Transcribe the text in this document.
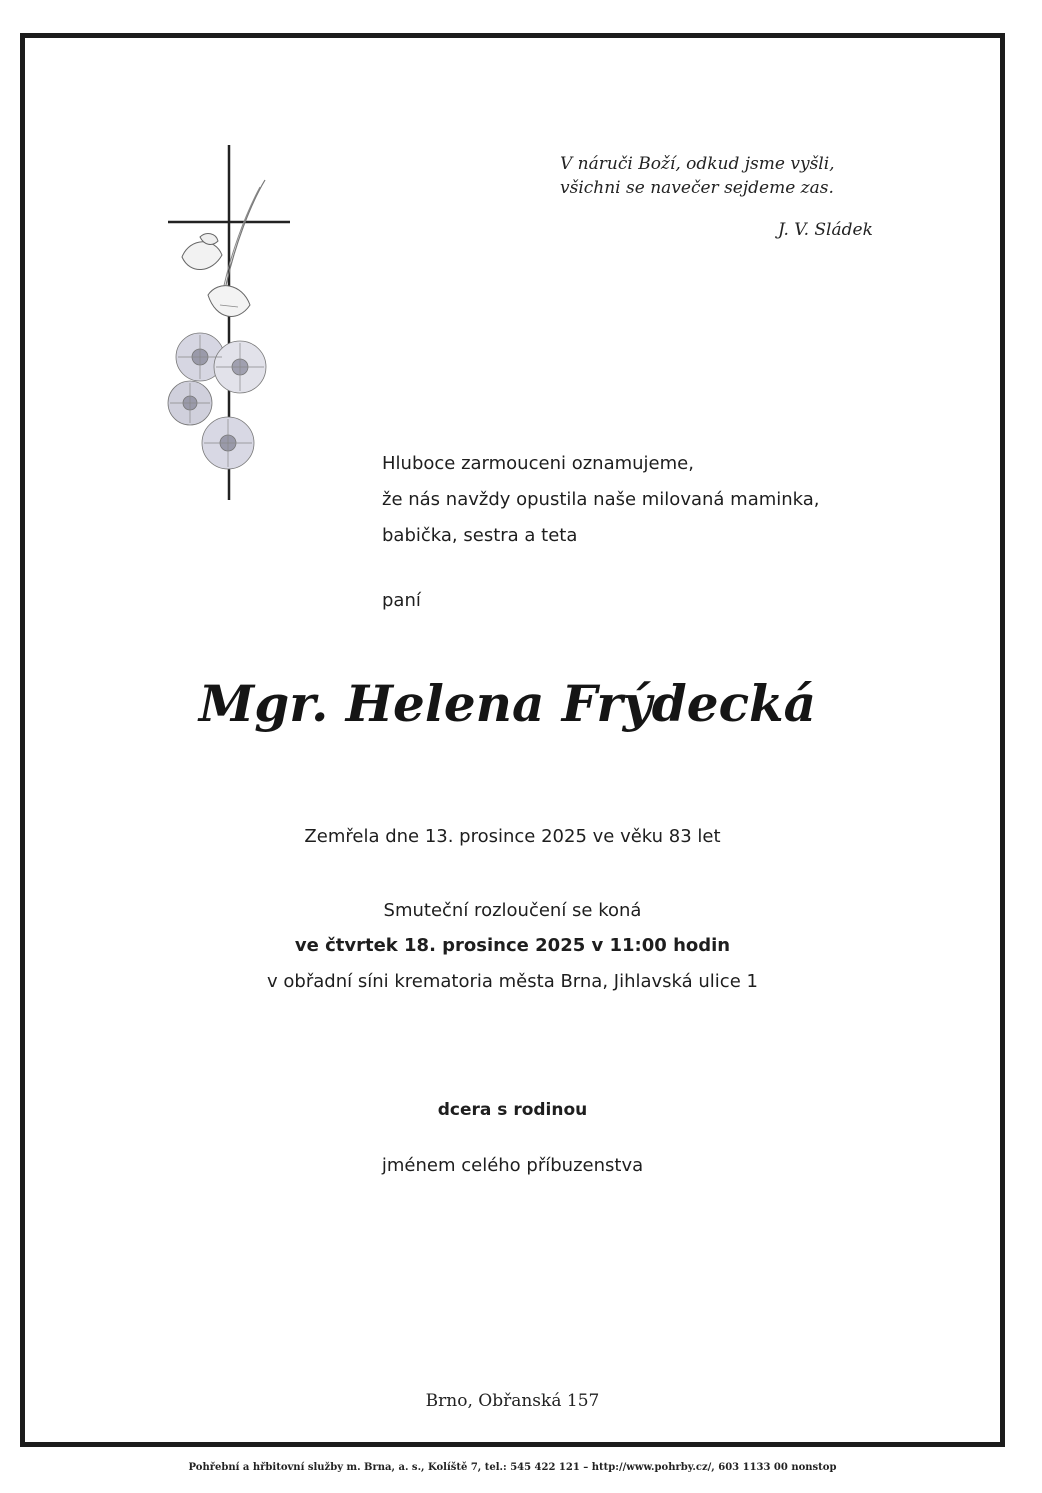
V náruči Boží, odkud jsme vyšli,
všichni se navečer sejdeme zas.
J. V. Sládek
Hluboce zarmouceni oznamujeme,
že nás navždy opustila naše milovaná maminka,
babička, sestra a teta
paní
Mgr. Helena Frýdecká
Zemřela dne 13. prosince 2025 ve věku 83 let
Smuteční rozloučení se koná
ve čtvrtek 18. prosince 2025 v 11:00 hodin
v obřadní síni krematoria města Brna, Jihlavská ulice 1
dcera s rodinou
jménem celého příbuzenstva
Brno, Obřanská 157
Pohřební a hřbitovní služby m. Brna, a. s., Kolíště 7, tel.: 545 422 121 – http://www.pohrby.cz/, 603 1133 00 nonstop
